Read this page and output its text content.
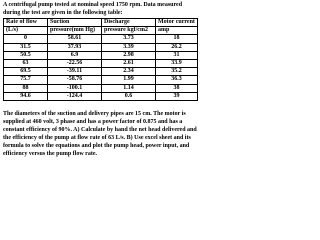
A centrifugal pump tested at nominal speed 1750 rpm. Data measured during the test are given in the following table:

Rate of flow	Suction	Discharge	Motor current
(L/s)	pressure(mm Hg)	pressure kgf/cm2	amp
0	58.61	3.73	18
31.5	37.93	3.39	26.2
50.5	6.9	2.98	31
63	-22.56	2.61	33.9
69.5	-39.11	2.34	35.2
75.7	-58.76	1.99	36.3
88	-100.1	1.14	38
94.6	-124.4	0.6	39

The diameters of the suction and delivery pipes are 15 cm. The motor is supplied at 460 volt, 3 phase and has a power factor of 0.875 and has a constant efficiency of 90%. A) Calculate by hand the net head delivered and the efficiency of the pump at flow rate of 63 L/s. B) Use excel sheet and its formula to solve the equations and plot the pump head, power input, and efficiency versus the pump flow rate.
